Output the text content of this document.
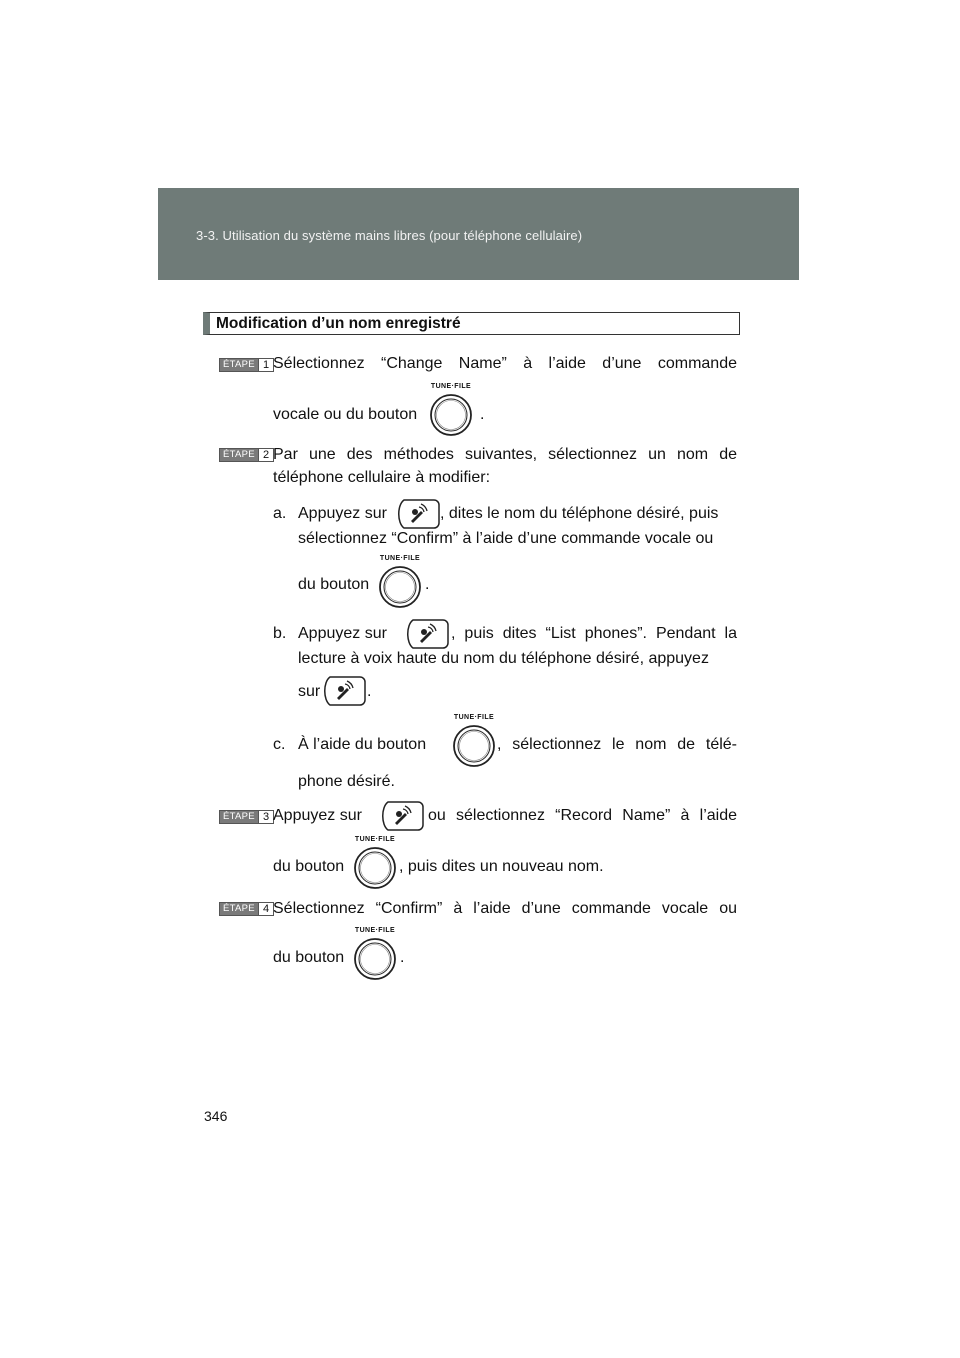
3-3. Utilisation du système mains libres (pour téléphone cellulaire)
Modification d’un nom enregistré
ÉTAPE 1 Sélectionnez “Change Name” à l’aide d’une commande
vocale ou du bouton
TUNE·FILE
.
ÉTAPE 2 Par une des méthodes suivantes, sélectionnez un nom de
téléphone cellulaire à modifier:
a. Appuyez sur	, dites le nom du téléphone désiré, puis
sélectionnez “Confirm” à l’aide d’une commande vocale ou
du bouton
TUNE·FILE
.
b. Appuyez sur	, puis dites “List phones”. Pendant la
lecture à voix haute du nom du téléphone désiré, appuyez
sur	.
c. À l’aide du bouton
TUNE·FILE
, sélectionnez le nom de télé-
phone désiré.
ÉTAPE 3 Appuyez sur	ou sélectionnez “Record Name” à l’aide
du bouton
TUNE·FILE
, puis dites un nouveau nom.
ÉTAPE 4 Sélectionnez “Confirm” à l’aide d’une commande vocale ou
du bouton
TUNE·FILE
.
346
